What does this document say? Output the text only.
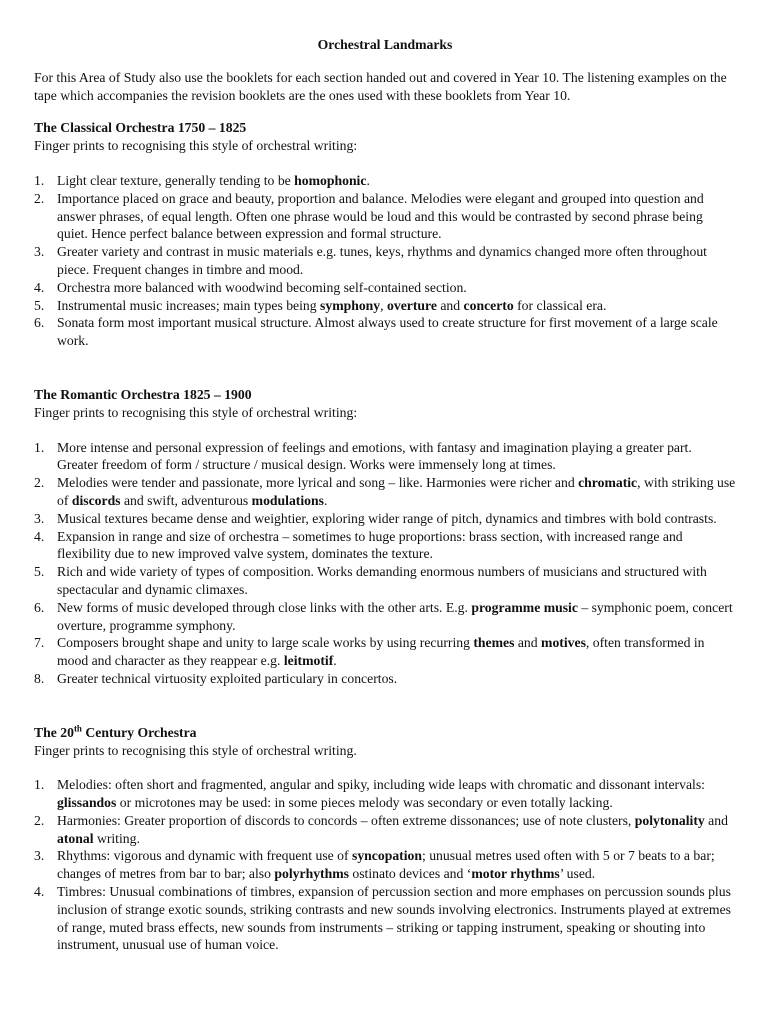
Orchestral Landmarks
For this Area of Study also use the booklets for each section handed out and covered in Year 10. The listening examples on the tape which accompanies the revision booklets are the ones used with these booklets from Year 10.
The Classical Orchestra 1750 – 1825
Finger prints to recognising this style of orchestral writing:
1. Light clear texture, generally tending to be homophonic.
2. Importance placed on grace and beauty, proportion and balance. Melodies were elegant and grouped into question and answer phrases, of equal length. Often one phrase would be loud and this would be contrasted by second phrase being quiet. Hence perfect balance between expression and formal structure.
3. Greater variety and contrast in music materials e.g. tunes, keys, rhythms and dynamics changed more often throughout piece. Frequent changes in timbre and mood.
4. Orchestra more balanced with woodwind becoming self-contained section.
5. Instrumental music increases; main types being symphony, overture and concerto for classical era.
6. Sonata form most important musical structure. Almost always used to create structure for first movement of a large scale work.
The Romantic Orchestra 1825 – 1900
Finger prints to recognising this style of orchestral writing:
1. More intense and personal expression of feelings and emotions, with fantasy and imagination playing a greater part. Greater freedom of form / structure / musical design. Works were immensely long at times.
2. Melodies were tender and passionate, more lyrical and song – like. Harmonies were richer and chromatic, with striking use of discords and swift, adventurous modulations.
3. Musical textures became dense and weightier, exploring wider range of pitch, dynamics and timbres with bold contrasts.
4. Expansion in range and size of orchestra – sometimes to huge proportions: brass section, with increased range and flexibility due to new improved valve system, dominates the texture.
5. Rich and wide variety of types of composition. Works demanding enormous numbers of musicians and structured with spectacular and dynamic climaxes.
6. New forms of music developed through close links with the other arts. E.g. programme music – symphonic poem, concert overture, programme symphony.
7. Composers brought shape and unity to large scale works by using recurring themes and motives, often transformed in mood and character as they reappear e.g. leitmotif.
8. Greater technical virtuosity exploited particulary in concertos.
The 20th Century Orchestra
Finger prints to recognising this style of orchestral writing.
1. Melodies: often short and fragmented, angular and spiky, including wide leaps with chromatic and dissonant intervals: glissandos or microtones may be used: in some pieces melody was secondary or even totally lacking.
2. Harmonies: Greater proportion of discords to concords – often extreme dissonances; use of note clusters, polytonality and atonal writing.
3. Rhythms: vigorous and dynamic with frequent use of syncopation; unusual metres used often with 5 or 7 beats to a bar; changes of metres from bar to bar; also polyrhythms ostinato devices and ‘motor rhythms’ used.
4. Timbres: Unusual combinations of timbres, expansion of percussion section and more emphases on percussion sounds plus inclusion of strange exotic sounds, striking contrasts and new sounds involving electronics. Instruments played at extremes of range, muted brass effects, new sounds from instruments – striking or tapping instrument, speaking or shouting into instrument, unusual use of human voice.
